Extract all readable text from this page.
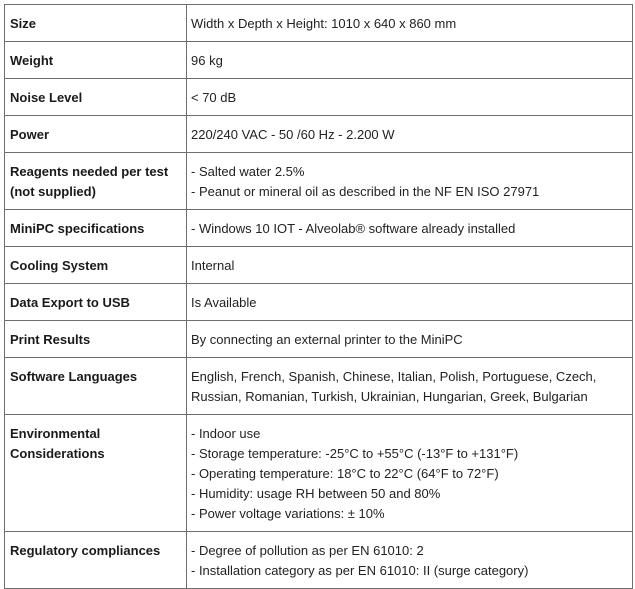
Size	Width x Depth x Height: 1010 x 640 x 860 mm

Weight	96 kg

Noise Level	< 70 dB

Power	220/240 VAC - 50 /60 Hz - 2.200 W

Reagents needed per test (not supplied)	- Salted water 2.5%
- Peanut or mineral oil as described in the NF EN ISO 27971

MiniPC specifications	- Windows 10 IOT - Alveolab® software already installed

Cooling System	Internal

Data Export to USB	Is Available

Print Results	By connecting an external printer to the MiniPC

Software Languages	English, French, Spanish, Chinese, Italian, Polish, Portuguese, Czech, Russian, Romanian, Turkish, Ukrainian, Hungarian, Greek, Bulgarian

Environmental Considerations	- Indoor use
- Storage temperature: -25°C to +55°C (-13°F to +131°F)
- Operating temperature: 18°C to 22°C (64°F to 72°F)
- Humidity: usage RH between 50 and 80%
- Power voltage variations: ± 10%

Regulatory compliances	- Degree of pollution as per EN 61010: 2
- Installation category as per EN 61010: II (surge category)
